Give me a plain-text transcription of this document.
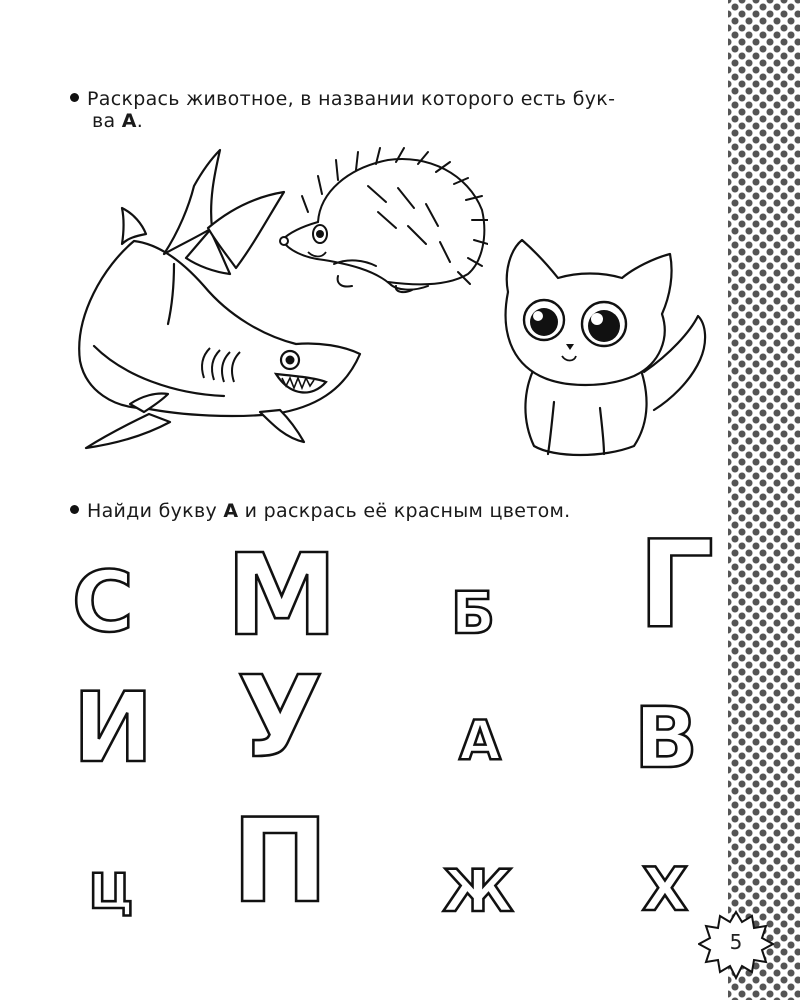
Раскрась животное, в названии которого есть бук-
ва А.
Найди букву А и раскрась её красным цветом.
С М Б Г
И У	А В
Ц П Ж Х
5
